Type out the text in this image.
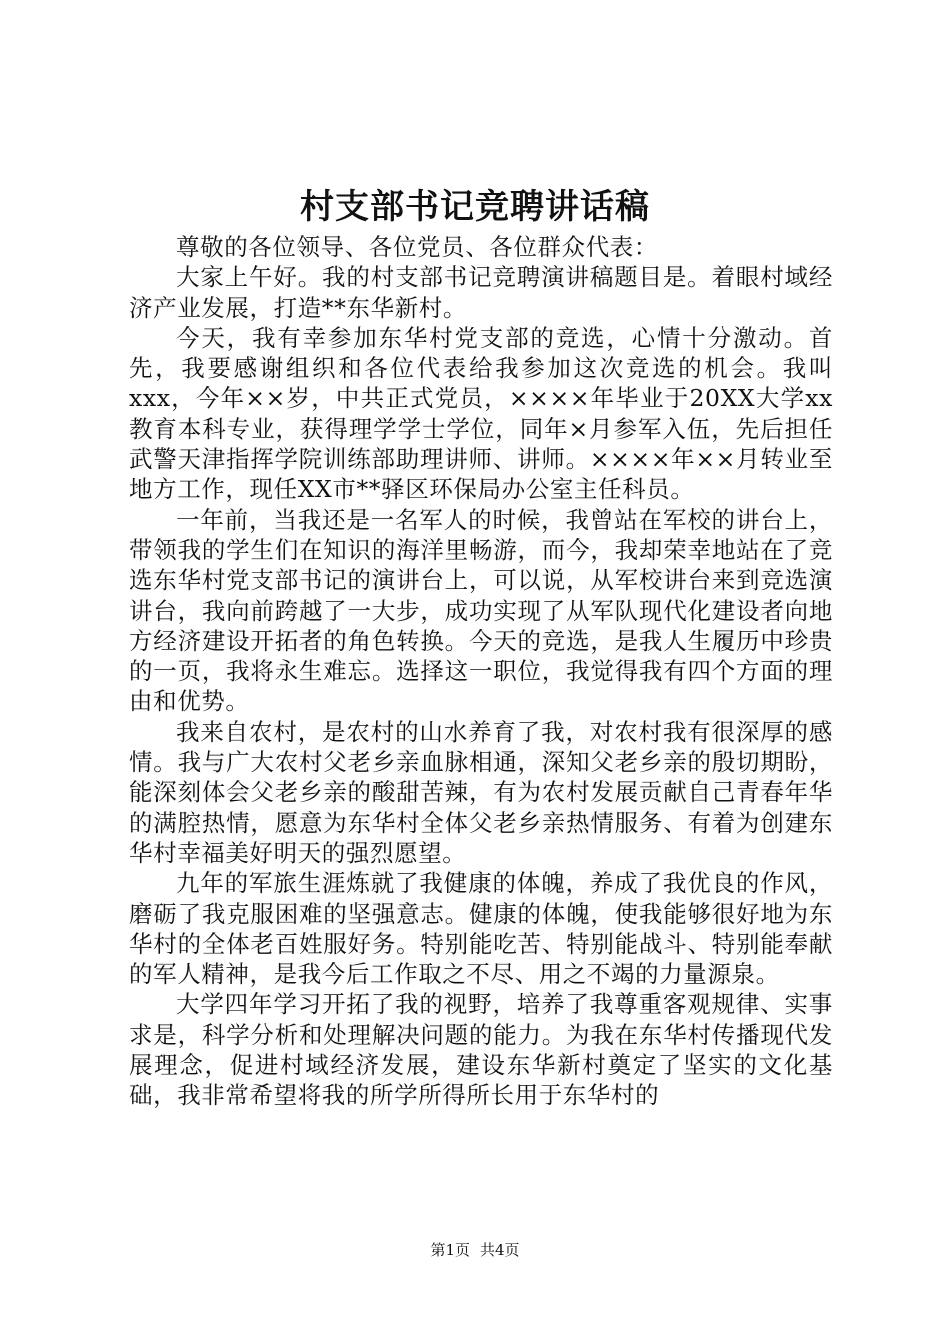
村支部书记竞聘讲话稿

尊敬的各位领导、各位党员、各位群众代表：

大家上午好。我的村支部书记竞聘演讲稿题目是。着眼村域经济产业发展，打造**东华新村。

今天，我有幸参加东华村党支部的竞选，心情十分激动。首先，我要感谢组织和各位代表给我参加这次竞选的机会。我叫xxx，今年××岁，中共正式党员，××××年毕业于20XX大学xx教育本科专业，获得理学学士学位，同年×月参军入伍，先后担任武警天津指挥学院训练部助理讲师、讲师。××××年××月转业至地方工作，现任XX市**驿区环保局办公室主任科员。

一年前，当我还是一名军人的时候，我曾站在军校的讲台上，带领我的学生们在知识的海洋里畅游，而今，我却荣幸地站在了竞选东华村党支部书记的演讲台上，可以说，从军校讲台来到竞选演讲台，我向前跨越了一大步，成功实现了从军队现代化建设者向地方经济建设开拓者的角色转换。今天的竞选，是我人生履历中珍贵的一页，我将永生难忘。选择这一职位，我觉得我有四个方面的理由和优势。

我来自农村，是农村的山水养育了我，对农村我有很深厚的感情。我与广大农村父老乡亲血脉相通，深知父老乡亲的殷切期盼，能深刻体会父老乡亲的酸甜苦辣，有为农村发展贡献自己青春年华的满腔热情，愿意为东华村全体父老乡亲热情服务、有着为创建东华村幸福美好明天的强烈愿望。

九年的军旅生涯炼就了我健康的体魄，养成了我优良的作风，磨砺了我克服困难的坚强意志。健康的体魄，使我能够很好地为东华村的全体老百姓服好务。特别能吃苦、特别能战斗、特别能奉献的军人精神，是我今后工作取之不尽、用之不竭的力量源泉。

大学四年学习开拓了我的视野，培养了我尊重客观规律、实事求是，科学分析和处理解决问题的能力。为我在东华村传播现代发展理念，促进村域经济发展，建设东华新村奠定了坚实的文化基础，我非常希望将我的所学所得所长用于东华村的

第1页 共4页
